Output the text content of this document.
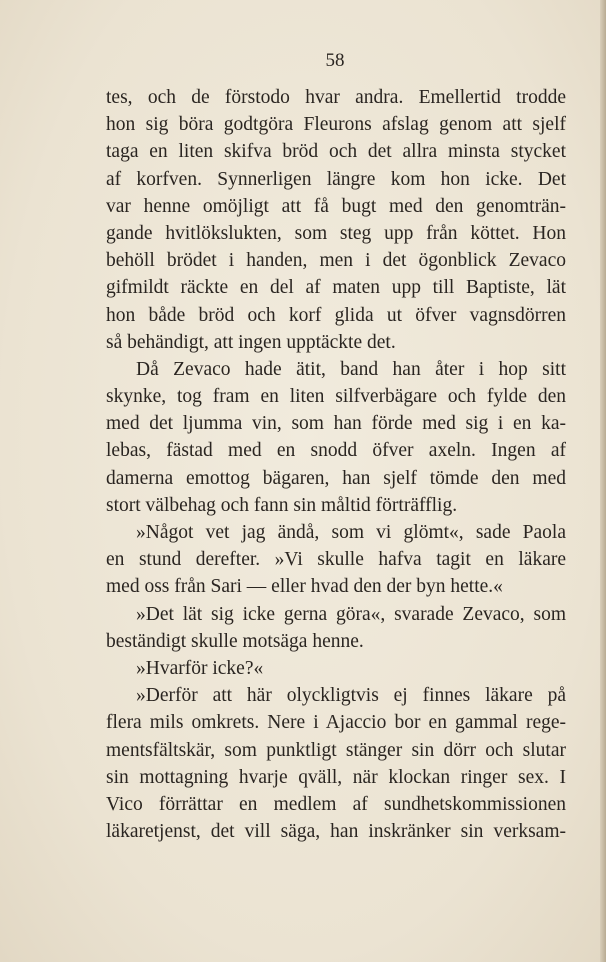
58
tes, och de förstodo hvar andra. Emellertid trodde
hon sig böra godtgöra Fleurons afslag genom att sjelf
taga en liten skifva bröd och det allra minsta stycket
af korfven. Synnerligen längre kom hon icke. Det
var henne omöjligt att få bugt med den genomträn-
gande hvitlökslukten, som steg upp från köttet. Hon
behöll brödet i handen, men i det ögonblick Zevaco
gifmildt räckte en del af maten upp till Baptiste, lät
hon både bröd och korf glida ut öfver vagnsdörren
så behändigt, att ingen upptäckte det.
Då Zevaco hade ätit, band han åter i hop sitt
skynke, tog fram en liten silfverbägare och fylde den
med det ljumma vin, som han förde med sig i en ka-
lebas, fästad med en snodd öfver axeln. Ingen af
damerna emottog bägaren, han sjelf tömde den med
stort välbehag och fann sin måltid förträfflig.
»Något vet jag ändå, som vi glömt«, sade Paola
en stund derefter. »Vi skulle hafva tagit en läkare
med oss från Sari — eller hvad den der byn hette.«
»Det lät sig icke gerna göra«, svarade Zevaco, som
beständigt skulle motsäga henne.
»Hvarför icke?«
»Derför att här olyckligtvis ej finnes läkare på
flera mils omkrets. Nere i Ajaccio bor en gammal rege-
mentsfältskär, som punktligt stänger sin dörr och slutar
sin mottagning hvarje qväll, när klockan ringer sex. I
Vico förrättar en medlem af sundhetskommissionen
läkaretjenst, det vill säga, han inskränker sin verksam-
